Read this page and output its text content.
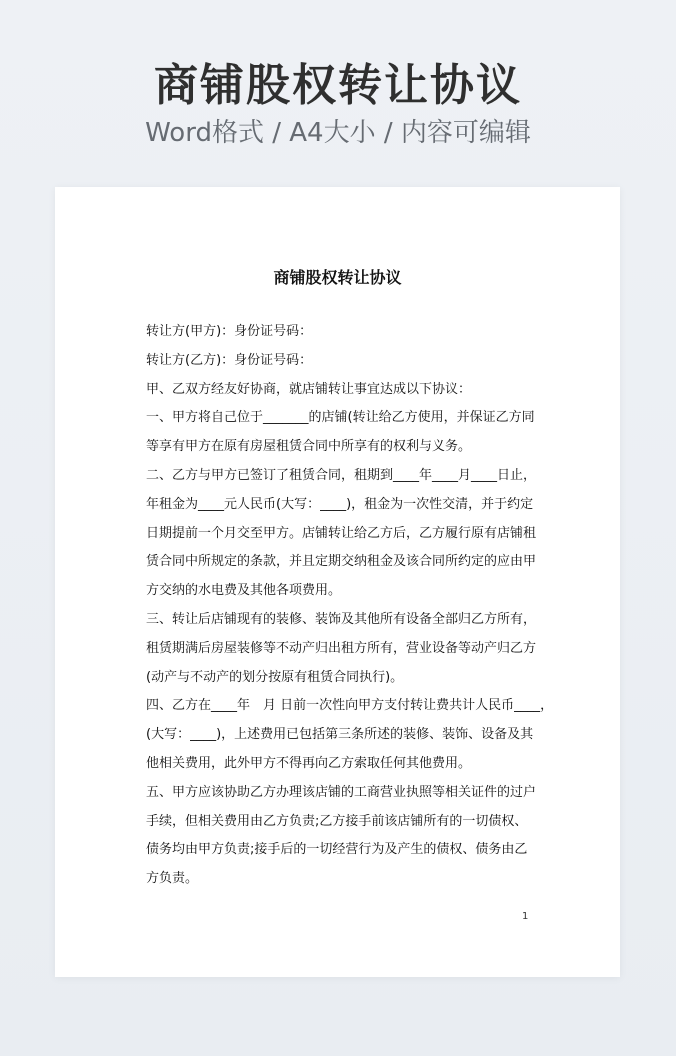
商铺股权转让协议
Word格式 / A4大小 / 内容可编辑
商铺股权转让协议
转让方(甲方)：身份证号码：
转让方(乙方)：身份证号码：
甲、乙双方经友好协商，就店铺转让事宜达成以下协议：
一、甲方将自己位于_______的店铺(转让给乙方使用，并保证乙方同
等享有甲方在原有房屋租赁合同中所享有的权利与义务。
二、乙方与甲方已签订了租赁合同，租期到____年____月____日止，
年租金为____元人民币(大写：____)，租金为一次性交清，并于约定
日期提前一个月交至甲方。店铺转让给乙方后，乙方履行原有店铺租
赁合同中所规定的条款，并且定期交纳租金及该合同所约定的应由甲
方交纳的水电费及其他各项费用。
三、转让后店铺现有的装修、装饰及其他所有设备全部归乙方所有，
租赁期满后房屋装修等不动产归出租方所有，营业设备等动产归乙方
(动产与不动产的划分按原有租赁合同执行)。
四、乙方在____年　月 日前一次性向甲方支付转让费共计人民币____，
(大写：____)，上述费用已包括第三条所述的装修、装饰、设备及其
他相关费用，此外甲方不得再向乙方索取任何其他费用。
五、甲方应该协助乙方办理该店铺的工商营业执照等相关证件的过户
手续，但相关费用由乙方负责;乙方接手前该店铺所有的一切债权、
债务均由甲方负责;接手后的一切经营行为及产生的债权、债务由乙
方负责。
1
